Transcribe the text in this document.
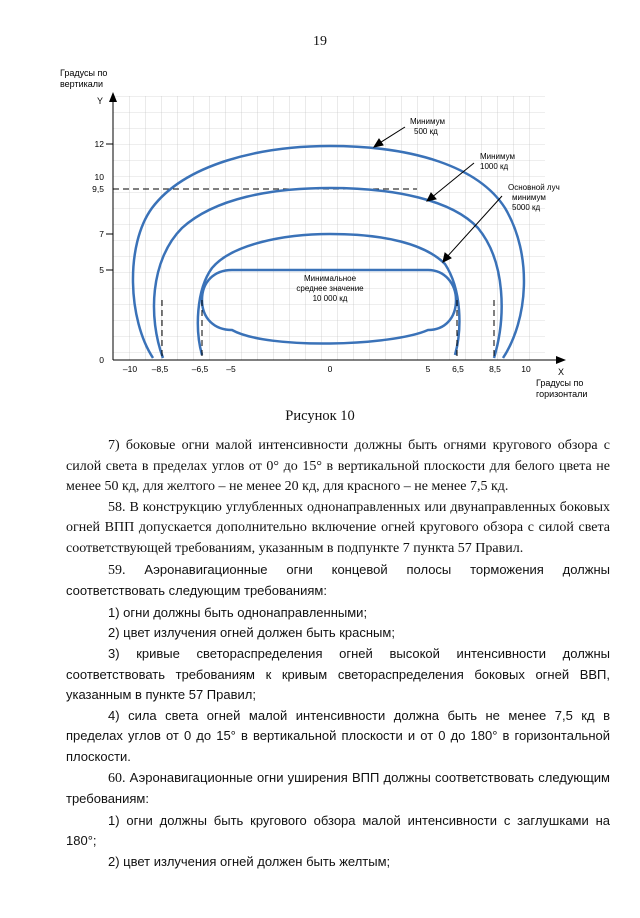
19
0
5
7
9,5
10
12
–10 –8,5	–6,5 –5	0	5	6,5	8,5 10
Градусы по
вертикали
Y
X
Градусы по
горизонтали
Минимум
500 кд
Минимум
1000 кд
Основной луч
минимум
5000 кд
Минимальное
среднее значение
10 000 кд
Рисунок 10

7) боковые огни малой интенсивности должны быть огнями кругового обзора с силой света в пределах углов от 0° до 15° в вертикальной плоскости для белого цвета не менее 50 кд, для желтого – не менее 20 кд, для красного – не менее 7,5 кд.

58. В конструкцию углубленных однонаправленных или двунаправленных боковых огней ВПП допускается дополнительно включение огней кругового обзора с силой света соответствующей требованиям, указанным в подпункте 7 пункта 57 Правил.

59. Аэронавигационные огни концевой полосы торможения должны соответствовать следующим требованиям:

1) огни должны быть однонаправленными;

2) цвет излучения огней должен быть красным;

3) кривые светораспределения огней высокой интенсивности должны соответствовать требованиям к кривым светораспределения боковых огней ВВП, указанным в пункте 57 Правил;

4) сила света огней малой интенсивности должна быть не менее 7,5 кд в пределах углов от 0 до 15° в вертикальной плоскости и от 0 до 180° в горизонтальной плоскости.

60. Аэронавигационные огни уширения ВПП должны соответствовать следующим требованиям:

1) огни должны быть кругового обзора малой интенсивности с заглушками на 180°;

2) цвет излучения огней должен быть желтым;
